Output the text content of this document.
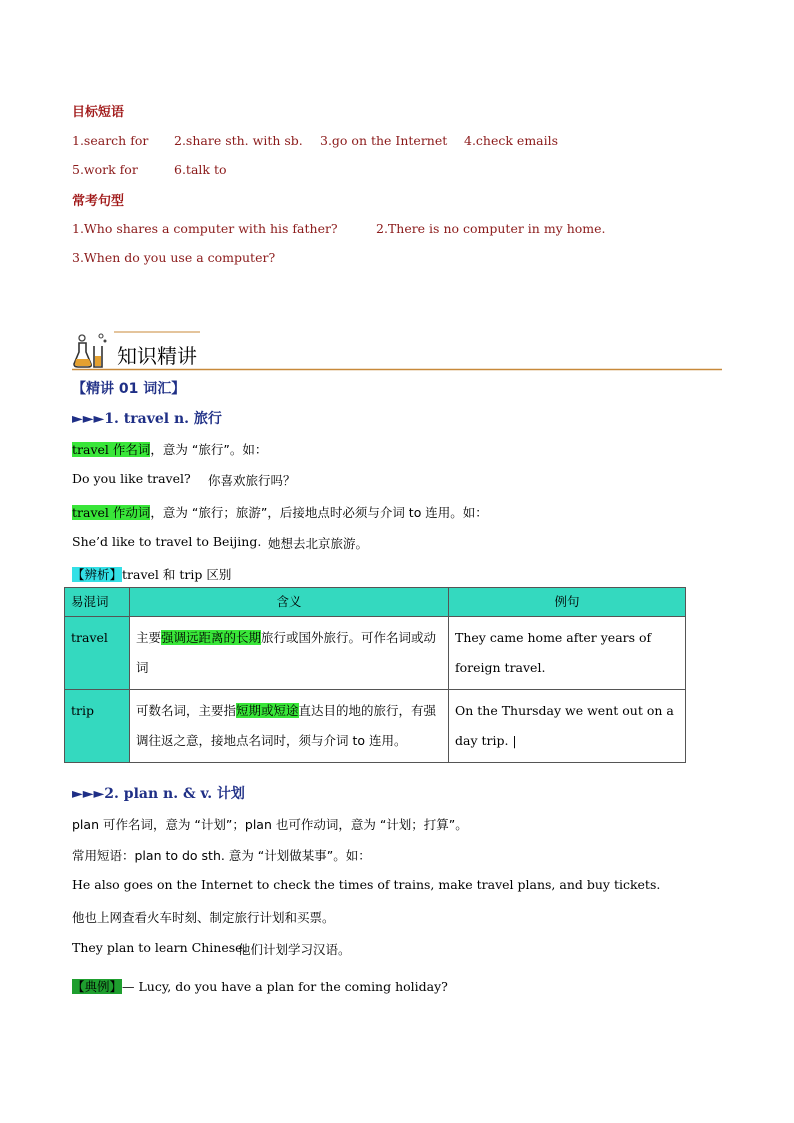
目标短语
1.search for 2.share sth. with sb. 3.go on the Internet 4.check emails
5.work for	6.talk to
常考句型
1.Who shares a computer with his father?	2.There is no computer in my home.
3.When do you use a computer?
知识精讲
【精讲 01 词汇】
►►►1. travel n. 旅行
travel 作名词，意为 “旅行”。如：
Do you like travel? 你喜欢旅行吗？
travel 作动词，意为 “旅行；旅游”，后接地点时必须与介词 to 连用。如：
She’d like to travel to Beijing. 她想去北京旅游。
【辨析】travel 和 trip 区别
易混词	含义	例句
travel	主要强调远距离的长期旅行或国外旅行。可作名词或动词	They came home after years of foreign travel.
trip	可数名词，主要指短期或短途直达目的地的旅行，有强调往返之意，接地点名词时，须与介词 to 连用。	On the Thursday we went out on a day trip. |
►►►2. plan n. & v. 计划
plan 可作名词，意为 “计划”；plan 也可作动词，意为 “计划；打算”。
常用短语：plan to do sth. 意为 “计划做某事”。如：
He also goes on the Internet to check the times of trains, make travel plans, and buy tickets.
他也上网查看火车时刻、制定旅行计划和买票。
They plan to learn Chinese.
他们计划学习汉语。
【典例】— Lucy, do you have a plan for the coming holiday?
